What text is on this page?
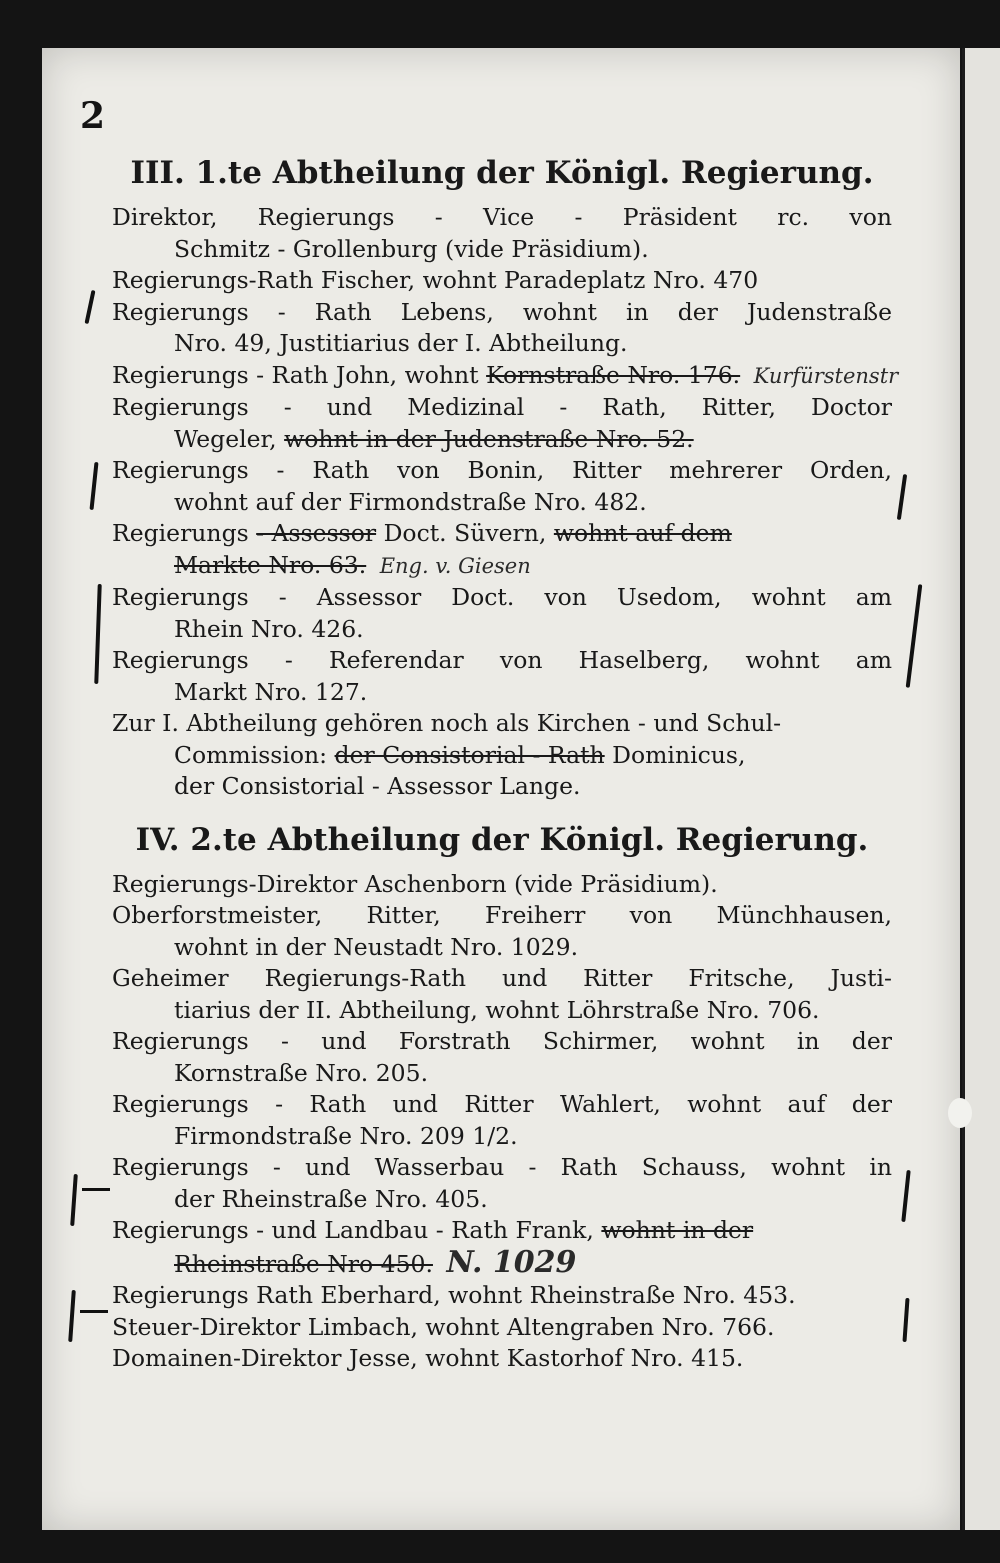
2
III. 1.te Abtheilung der Königl. Regierung.
Direktor, Regierungs - Vice - Präsident rc. von
Schmitz - Grollenburg (vide Präsidium).
Regierungs-Rath Fischer, wohnt Paradeplatz Nro. 470
Regierungs - Rath Lebens, wohnt in der Judenstraße
Nro. 49, Justitiarius der I. Abtheilung.
Regierungs - Rath John, wohnt Kornstraße Nro. 176. Kurfürstenstr
Regierungs - und Medizinal - Rath, Ritter, Doctor
Wegeler, wohnt in der Judenstraße Nro. 52.
Regierungs - Rath von Bonin, Ritter mehrerer Orden,
wohnt auf der Firmondstraße Nro. 482.
Regierungs - Assessor Doct. Süvern, wohnt auf dem
Markte Nro. 63. Eng. v. Giesen
Regierungs - Assessor Doct. von Usedom, wohnt am
Rhein Nro. 426.
Regierungs - Referendar von Haselberg, wohnt am
Markt Nro. 127.
Zur I. Abtheilung gehören noch als Kirchen - und Schul-
Commission: der Consistorial - Rath Dominicus,
der Consistorial - Assessor Lange.
IV. 2.te Abtheilung der Königl. Regierung.
Regierungs-Direktor Aschenborn (vide Präsidium).
Oberforstmeister, Ritter, Freiherr von Münchhausen,
wohnt in der Neustadt Nro. 1029.
Geheimer Regierungs-Rath und Ritter Fritsche, Justi-
tiarius der II. Abtheilung, wohnt Löhrstraße Nro. 706.
Regierungs - und Forstrath Schirmer, wohnt in der
Kornstraße Nro. 205.
Regierungs - Rath und Ritter Wahlert, wohnt auf der
Firmondstraße Nro. 209 1/2.
Regierungs - und Wasserbau - Rath Schauss, wohnt in
der Rheinstraße Nro. 405.
Regierungs - und Landbau - Rath Frank, wohnt in der
Rheinstraße Nro 450. N. 1029
Regierungs Rath Eberhard, wohnt Rheinstraße Nro. 453.
Steuer-Direktor Limbach, wohnt Altengraben Nro. 766.
Domainen-Direktor Jesse, wohnt Kastorhof Nro. 415.
